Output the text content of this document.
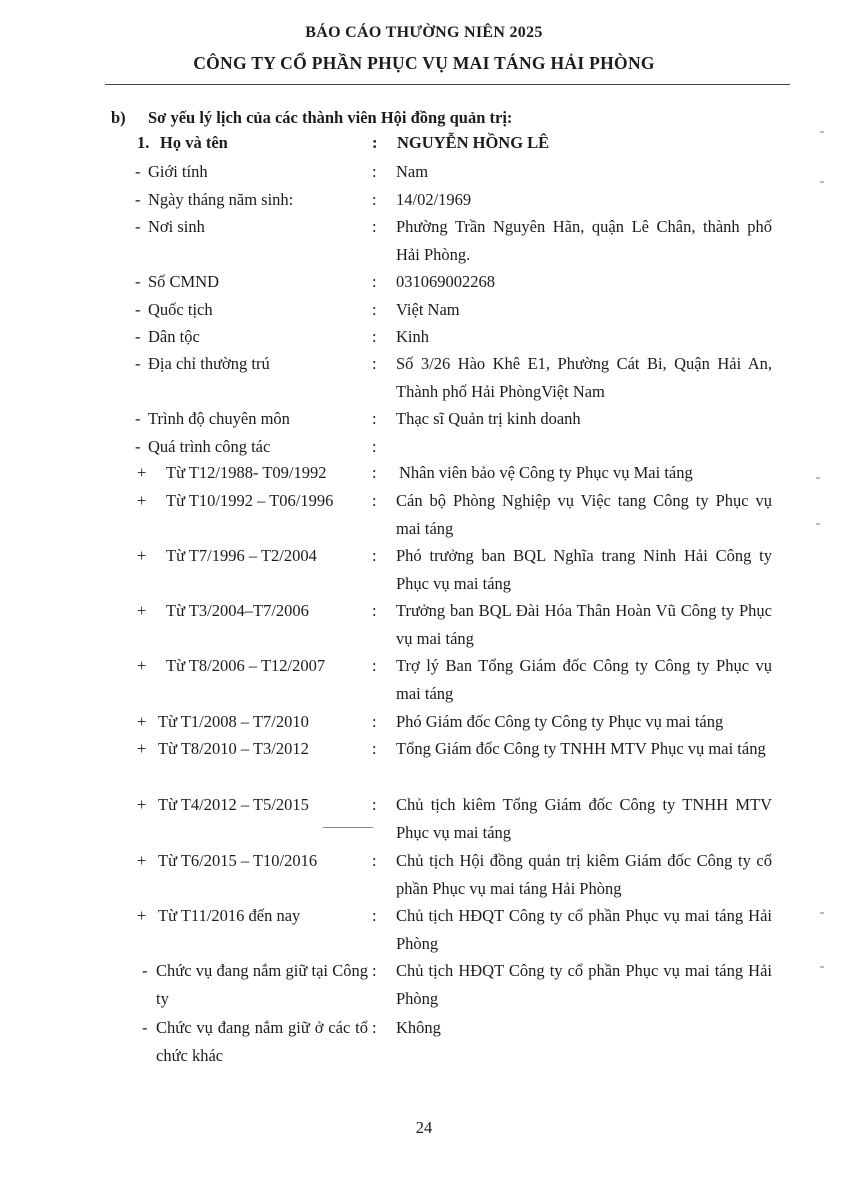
BÁO CÁO THƯỜNG NIÊN 2025
CÔNG TY CỔ PHẦN PHỤC VỤ MAI TÁNG HẢI PHÒNG
b) Sơ yếu lý lịch của các thành viên Hội đồng quản trị:
1. Họ và tên	: NGUYỄN HỒNG LÊ
- Giới tính	: Nam
- Ngày tháng năm sinh:	: 14/02/1969
- Nơi sinh	: Phường Trần Nguyên Hãn, quận Lê Chân, thành phố Hải Phòng.
- Số CMND	: 031069002268
- Quốc tịch	: Việt Nam
- Dân tộc	: Kinh
- Địa chỉ thường trú	: Số 3/26 Hào Khê E1, Phường Cát Bi, Quận Hải An, Thành phố Hải PhòngViệt Nam
- Trình độ chuyên môn	: Thạc sĩ Quản trị kinh doanh
- Quá trình công tác	:
+ Từ T12/1988- T09/1992	: Nhân viên bảo vệ Công ty Phục vụ Mai táng
+ Từ T10/1992 – T06/1996 : Cán bộ Phòng Nghiệp vụ Việc tang Công ty Phục vụ mai táng
+ Từ T7/1996 – T2/2004	: Phó trưởng ban BQL Nghĩa trang Ninh Hải Công ty Phục vụ mai táng
+ Từ T3/2004–T7/2006	: Trưởng ban BQL Đài Hóa Thân Hoàn Vũ Công ty Phục vụ mai táng
+ Từ T8/2006 – T12/2007	: Trợ lý Ban Tổng Giám đốc Công ty Công ty Phục vụ mai táng
+ Từ T1/2008 – T7/2010	: Phó Giám đốc Công ty Công ty Phục vụ mai táng
+ Từ T8/2010 – T3/2012	: Tổng Giám đốc Công ty TNHH MTV Phục vụ mai táng
+ Từ T4/2012 – T5/2015	: Chủ tịch kiêm Tổng Giám đốc Công ty TNHH MTV Phục vụ mai táng
+ Từ T6/2015 – T10/2016	: Chủ tịch Hội đồng quản trị kiêm Giám đốc Công ty cổ phần Phục vụ mai táng Hải Phòng
+ Từ T11/2016 đến nay	: Chủ tịch HĐQT Công ty cổ phần Phục vụ mai táng Hải Phòng
- Chức vụ đang nắm giữ tại Công ty
: Chủ tịch HĐQT Công ty cổ phần Phục vụ mai táng Hải Phòng
- Chức vụ đang nắm giữ ở các tổ chức khác
: Không
24
